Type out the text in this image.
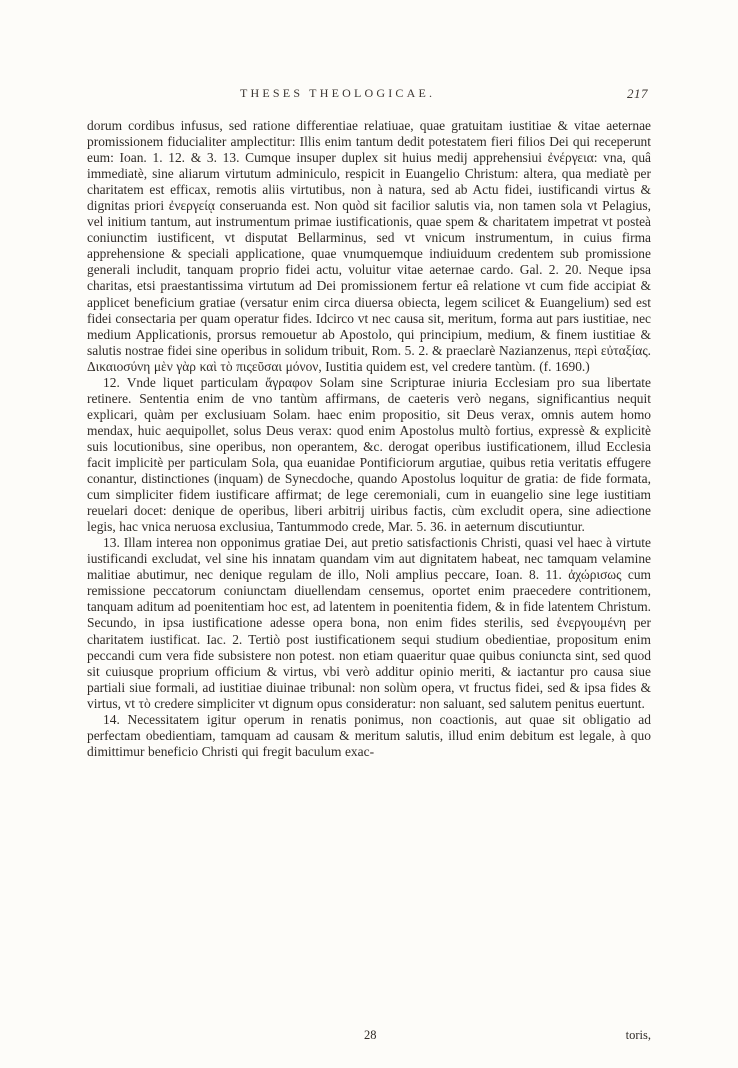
THESES THEOLOGICAE.	217

dorum cordibus infusus, sed ratione differentiae relatiuae, quae gratuitam iustitiae & vitae aeternae promissionem fiducialiter amplectitur: Illis enim tantum dedit potestatem fieri filios Dei qui receperunt eum: Ioan. 1. 12. & 3. 13. Cumque insuper duplex sit huius medij apprehensiui ἐνέργεια: vna, quâ immediatè, sine aliarum virtutum adminiculo, respicit in Euangelio Christum: altera, qua mediatè per charitatem est efficax, remotis aliis virtutibus, non à natura, sed ab Actu fidei, iustificandi virtus & dignitas priori ἐνεργείᾳ conseruanda est. Non quòd sit facilior salutis via, non tamen sola vt Pelagius, vel initium tantum, aut instrumentum primae iustificationis, quae spem & charitatem impetrat vt posteà coniunctim iustificent, vt disputat Bellarminus, sed vt vnicum instrumentum, in cuius firma apprehensione & speciali applicatione, quae vnumquemque indiuiduum credentem sub promissione generali includit, tanquam proprio fidei actu, voluitur vitae aeternae cardo. Gal. 2. 20. Neque ipsa charitas, etsi praestantissima virtutum ad Dei promissionem fertur eâ relatione vt cum fide accipiat & applicet beneficium gratiae (versatur enim circa diuersa obiecta, legem scilicet & Euangelium) sed est fidei consectaria per quam operatur fides. Idcirco vt nec causa sit, meritum, forma aut pars iustitiae, nec medium Applicationis, prorsus remouetur ab Apostolo, qui principium, medium, & finem iustitiae & salutis nostrae fidei sine operibus in solidum tribuit, Rom. 5. 2. & praeclarè Nazianzenus, περὶ εὐταξίας. Δικαιοσύνη μὲν γὰρ καὶ τὸ πιςεῦσαι μόνον, Iustitia quidem est, vel credere tantùm. (f. 1690.)

12. Vnde liquet particulam ἄγραφον Solam sine Scripturae iniuria Ecclesiam pro sua libertate retinere. Sententia enim de vno tantùm affirmans, de caeteris verò negans, significantius nequit explicari, quàm per exclusiuam Solam. haec enim propositio, sit Deus verax, omnis autem homo mendax, huic aequipollet, solus Deus verax: quod enim Apostolus multò fortius, expressè & explicitè suis locutionibus, sine operibus, non operantem, &c. derogat operibus iustificationem, illud Ecclesia facit implicitè per particulam Sola, qua euanidae Pontificiorum argutiae, quibus retia veritatis effugere conantur, distinctiones (inquam) de Synecdoche, quando Apostolus loquitur de gratia: de fide formata, cum simpliciter fidem iustificare affirmat; de lege ceremoniali, cum in euangelio sine lege iustitiam reuelari docet: denique de operibus, liberi arbitrij uiribus factis, cùm excludit opera, sine adiectione legis, hac vnica neruosa exclusiua, Tantummodo crede, Mar. 5. 36. in aeternum discutiuntur.

13. Illam interea non opponimus gratiae Dei, aut pretio satisfactionis Christi, quasi vel haec à virtute iustificandi excludat, vel sine his innatam quandam vim aut dignitatem habeat, nec tamquam velamine malitiae abutimur, nec denique regulam de illo, Noli amplius peccare, Ioan. 8. 11. ἀχώρισως cum remissione peccatorum coniunctam diuellendam censemus, oportet enim praecedere contritionem, tanquam aditum ad poenitentiam hoc est, ad latentem in poenitentia fidem, & in fide latentem Christum. Secundo, in ipsa iustificatione adesse opera bona, non enim fides sterilis, sed ἐνεργουμένη per charitatem iustificat. Iac. 2. Tertiò post iustificationem sequi studium obedientiae, propositum enim peccandi cum vera fide subsistere non potest. non etiam quaeritur quae quibus coniuncta sint, sed quod sit cuiusque proprium officium & virtus, vbi verò additur opinio meriti, & iactantur pro causa siue partiali siue formali, ad iustitiae diuinae tribunal: non solùm opera, vt fructus fidei, sed & ipsa fides & virtus, vt τὸ credere simpliciter vt dignum opus consideratur: non saluant, sed salutem penitus euertunt.

14. Necessitatem igitur operum in renatis ponimus, non coactionis, aut quae sit obligatio ad perfectam obedientiam, tamquam ad causam & meritum salutis, illud enim debitum est legale, à quo dimittimur beneficio Christi qui fregit baculum exac-

28	toris,
